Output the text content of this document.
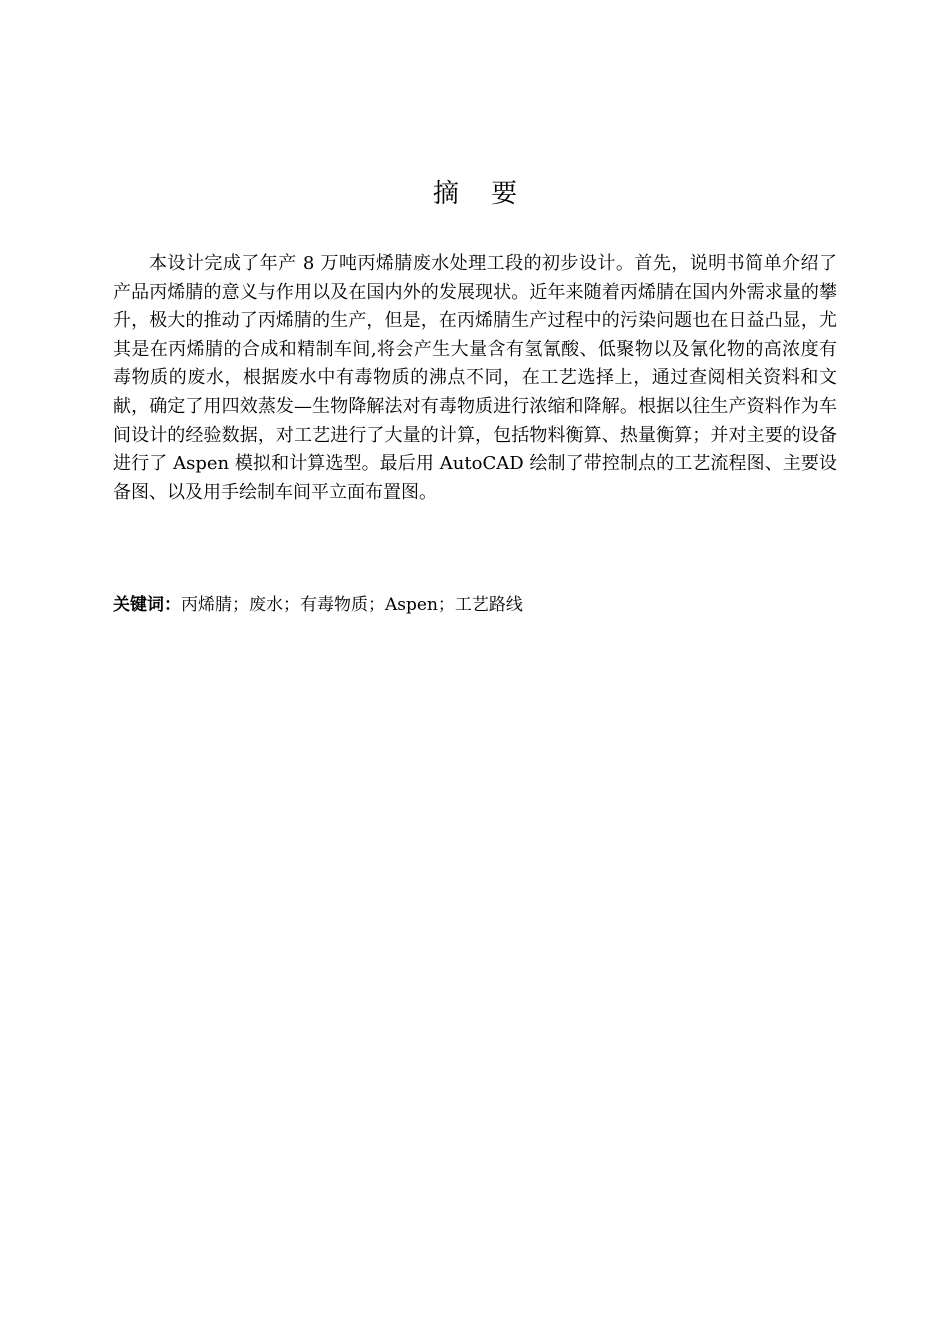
摘 要

本设计完成了年产 8 万吨丙烯腈废水处理工段的初步设计。首先，说明书简单介绍了产品丙烯腈的意义与作用以及在国内外的发展现状。近年来随着丙烯腈在国内外需求量的攀升，极大的推动了丙烯腈的生产，但是，在丙烯腈生产过程中的污染问题也在日益凸显，尤其是在丙烯腈的合成和精制车间,将会产生大量含有氢氰酸、低聚物以及氰化物的高浓度有毒物质的废水，根据废水中有毒物质的沸点不同，在工艺选择上，通过查阅相关资料和文献，确定了用四效蒸发—生物降解法对有毒物质进行浓缩和降解。根据以往生产资料作为车间设计的经验数据，对工艺进行了大量的计算，包括物料衡算、热量衡算；并对主要的设备进行了 Aspen 模拟和计算选型。最后用 AutoCAD 绘制了带控制点的工艺流程图、主要设备图、以及用手绘制车间平立面布置图。

关键词：丙烯腈；废水；有毒物质；Aspen；工艺路线
